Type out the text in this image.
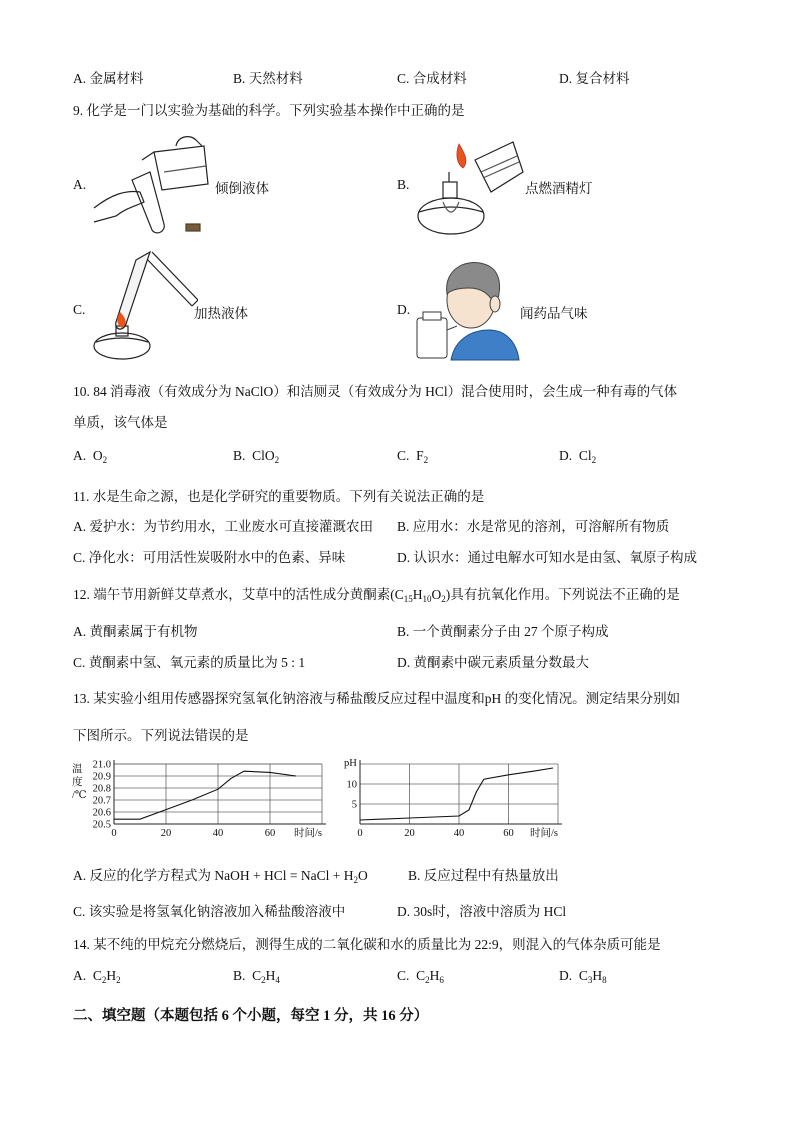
A. 金属材料	B. 天然材料	C. 合成材料	D. 复合材料
9. 化学是一门以实验为基础的科学。下列实验基本操作中正确的是
A.	倾倒液体	B.	点燃酒精灯
C.	加热液体	D.	闻药品气味
10. 84 消毒液（有效成分为 NaClO）和洁厕灵（有效成分为 HCl）混合使用时，会生成一种有毒的气体
单质，该气体是
A. $O_2$	B. ClO$_2$	C. $F_2$	D. $Cl_2$
11. 水是生命之源，也是化学研究的重要物质。下列有关说法正确的是
A. 爱护水：为节约用水，工业废水可直接灌溉农田 B. 应用水：水是常见的溶剂，可溶解所有物质
C. 净化水：可用活性炭吸附水中的色素、异味	D. 认识水：通过电解水可知水是由氢、氧原子构成
12. 端午节用新鲜艾草煮水，艾草中的活性成分黄酮素$(C_{15}H_{10}O_2)$具有抗氧化作用。下列说法不正确的是
A. 黄酮素属于有机物	B. 一个黄酮素分子由 27 个原子构成
C. 黄酮素中氢、氧元素的质量比为 5 : 1	D. 黄酮素中碳元素质量分数最大
13. 某实验小组用传感器探究氢氧化钠溶液与稀盐酸反应过程中温度和pH 的变化情况。测定结果分别如
下图所示。下列说法错误的是
20.5
20.6
20.7
20.8
20.9
21.0
0	20	40	60 时间/s
温
度
/℃
5
10
0	20	40	60 时间/s
pH
A. 反应的化学方程式为 NaOH + HCl = NaCl + $H_2O$	B. 反应过程中有热量放出
C. 该实验是将氢氧化钠溶液加入稀盐酸溶液中	D. 30s时，溶液中溶质为 HCl
14. 某不纯的甲烷充分燃烧后，测得生成的二氧化碳和水的质量比为 22:9，则混入的气体杂质可能是
A. $C_2H_2$	B. $C_2H_4$	C. $C_2H_6$	D. $C_3H_8$
二、填空题（本题包括 6 个小题，每空 1 分，共 16 分）
